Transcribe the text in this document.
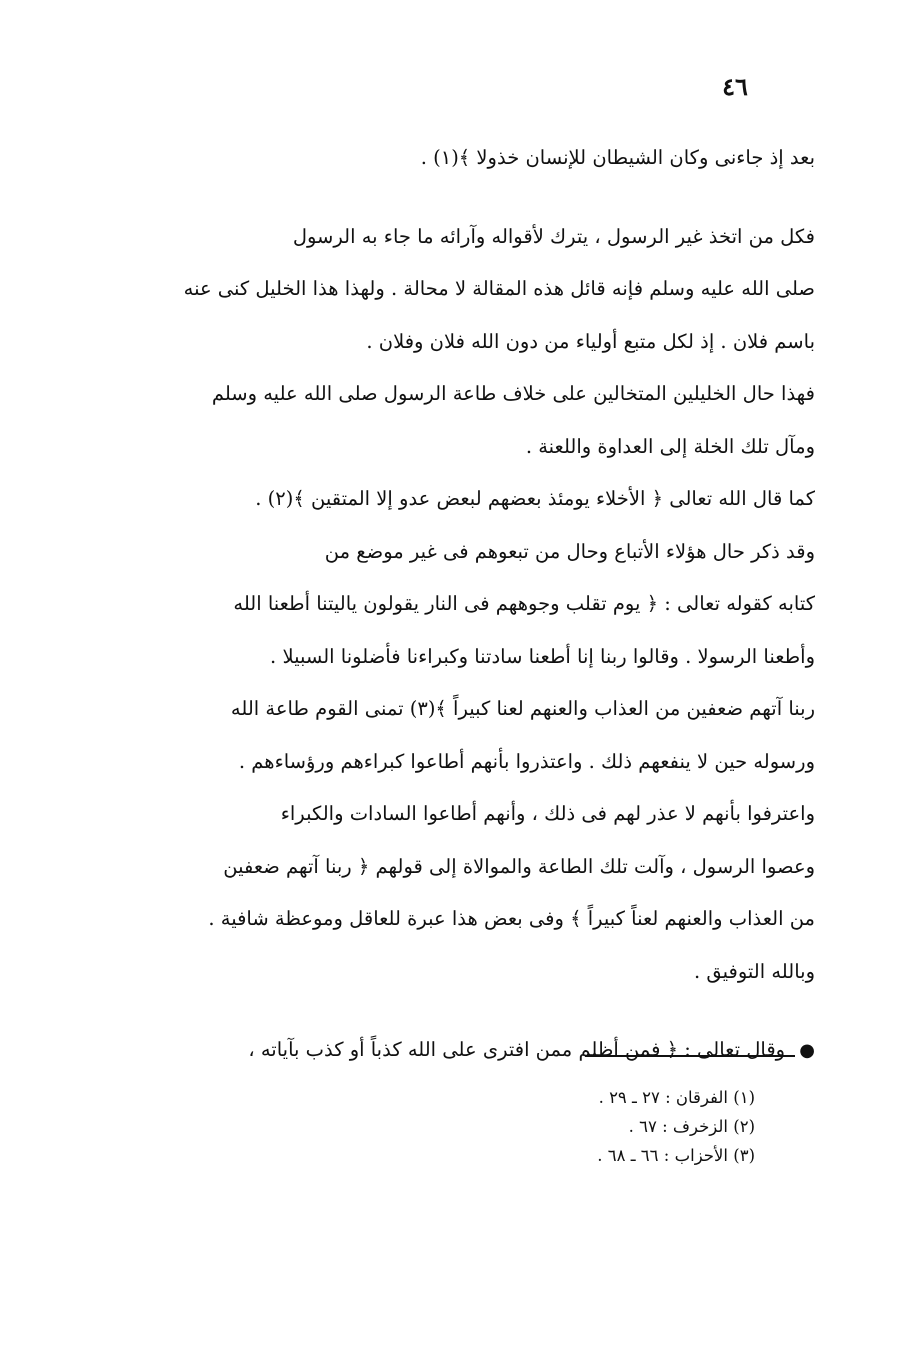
٤٦
بعد إذ جاءنى وكان الشيطان للإنسان خذولا ﴾(١) .
فكل من اتخذ غير الرسول ، يترك لأقواله وآرائه ما جاء به الرسول
صلى الله عليه وسلم فإنه قائل هذه المقالة لا محالة . ولهذا هذا الخليل كنى عنه
باسم فلان . إذ لكل متبع أولياء من دون الله فلان وفلان .
فهذا حال الخليلين المتخالين على خلاف طاعة الرسول صلى الله عليه وسلم
ومآل تلك الخلة إلى العداوة واللعنة .
كما قال الله تعالى ﴿ الأخلاء يومئذ بعضهم لبعض عدو إلا المتقين ﴾(٢) .
وقد ذكر حال هؤلاء الأتباع وحال من تبعوهم فى غير موضع من
كتابه كقوله تعالى : ﴿ يوم تقلب وجوههم فى النار يقولون ياليتنا أطعنا الله
وأطعنا الرسولا . وقالوا ربنا إنا أطعنا سادتنا وكبراءنا فأضلونا السبيلا .
ربنا آتهم ضعفين من العذاب والعنهم لعنا كبيراً ﴾(٣) تمنى القوم طاعة الله
ورسوله حين لا ينفعهم ذلك . واعتذروا بأنهم أطاعوا كبراءهم ورؤساءهم .
واعترفوا بأنهم لا عذر لهم فى ذلك ، وأنهم أطاعوا السادات والكبراء
وعصوا الرسول ، وآلت تلك الطاعة والموالاة إلى قولهم ﴿ ربنا آتهم ضعفين
من العذاب والعنهم لعناً كبيراً ﴾ وفى بعض هذا عبرة للعاقل وموعظة شافية .
وبالله التوفيق .
● وقال تعالى : ﴿ فمن أظلم ممن افترى على الله كذباً أو كذب بآياته ،
(١) الفرقان : ٢٧ ـ ٢٩ .
(٢) الزخرف : ٦٧ .
(٣) الأحزاب : ٦٦ ـ ٦٨ .
